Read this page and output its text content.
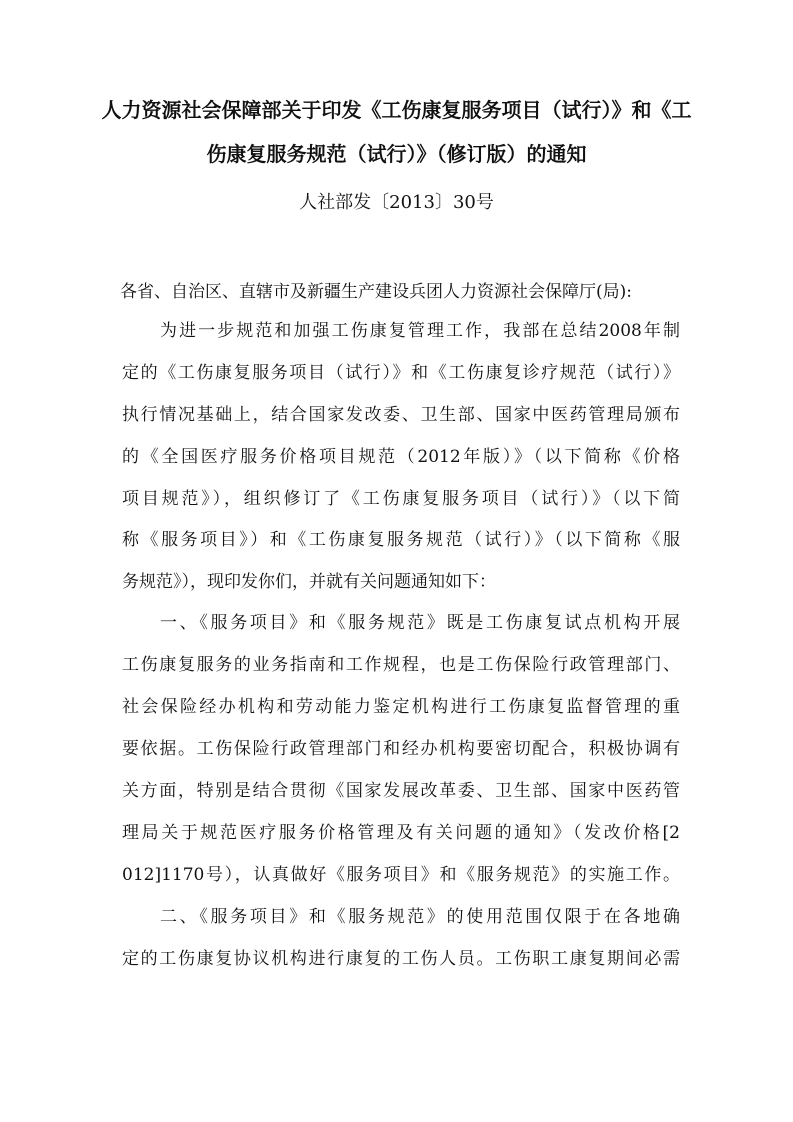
人力资源社会保障部关于印发《工伤康复服务项目（试行）》和《工
伤康复服务规范（试行）》（修订版）的通知
人社部发〔2013〕30号
各省、自治区、直辖市及新疆生产建设兵团人力资源社会保障厅(局):
为进一步规范和加强工伤康复管理工作，我部在总结2008年制
定的《工伤康复服务项目（试行）》和《工伤康复诊疗规范（试行）》
执行情况基础上，结合国家发改委、卫生部、国家中医药管理局颁布
的《全国医疗服务价格项目规范（2012年版）》（以下简称《价格
项目规范》），组织修订了《工伤康复服务项目（试行）》（以下简
称《服务项目》）和《工伤康复服务规范（试行）》（以下简称《服
务规范》），现印发你们，并就有关问题通知如下：
一、《服务项目》和《服务规范》既是工伤康复试点机构开展
工伤康复服务的业务指南和工作规程，也是工伤保险行政管理部门、
社会保险经办机构和劳动能力鉴定机构进行工伤康复监督管理的重
要依据。工伤保险行政管理部门和经办机构要密切配合，积极协调有
关方面，特别是结合贯彻《国家发展改革委、卫生部、国家中医药管
理局关于规范医疗服务价格管理及有关问题的通知》（发改价格[2
012]1170号），认真做好《服务项目》和《服务规范》的实施工作。
二、《服务项目》和《服务规范》的使用范围仅限于在各地确
定的工伤康复协议机构进行康复的工伤人员。工伤职工康复期间必需
